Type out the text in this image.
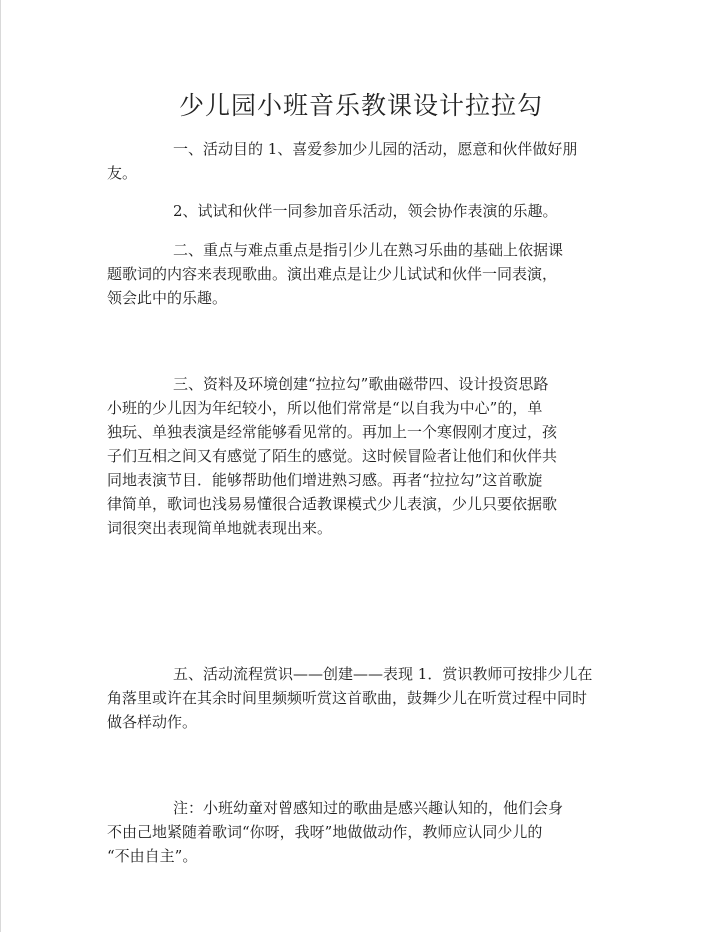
少儿园小班音乐教课设计拉拉勾
一、活动目的 1、喜爱参加少儿园的活动，愿意和伙伴做好朋
友。
2、试试和伙伴一同参加音乐活动，领会协作表演的乐趣。
二、重点与难点重点是指引少儿在熟习乐曲的基础上依据课
题歌词的内容来表现歌曲。演出难点是让少儿试试和伙伴一同表演，
领会此中的乐趣。
三、资料及环境创建“拉拉勾”歌曲磁带四、设计投资思路
小班的少儿因为年纪较小，所以他们常常是“以自我为中心”的，单
独玩、单独表演是经常能够看见常的。再加上一个寒假刚才度过，孩
子们互相之间又有感觉了陌生的感觉。这时候冒险者让他们和伙伴共
同地表演节目．能够帮助他们增进熟习感。再者“拉拉勾”这首歌旋
律简单，歌词也浅易易懂很合适教课模式少儿表演，少儿只要依据歌
词很突出表现简单地就表现出来。
五、活动流程赏识——创建——表现 1．赏识教师可按排少儿在
角落里或许在其余时间里频频听赏这首歌曲，鼓舞少儿在听赏过程中同时
做各样动作。
注：小班幼童对曾感知过的歌曲是感兴趣认知的，他们会身
不由己地紧随着歌词“你呀，我呀”地做做动作，教师应认同少儿的
“不由自主”。
